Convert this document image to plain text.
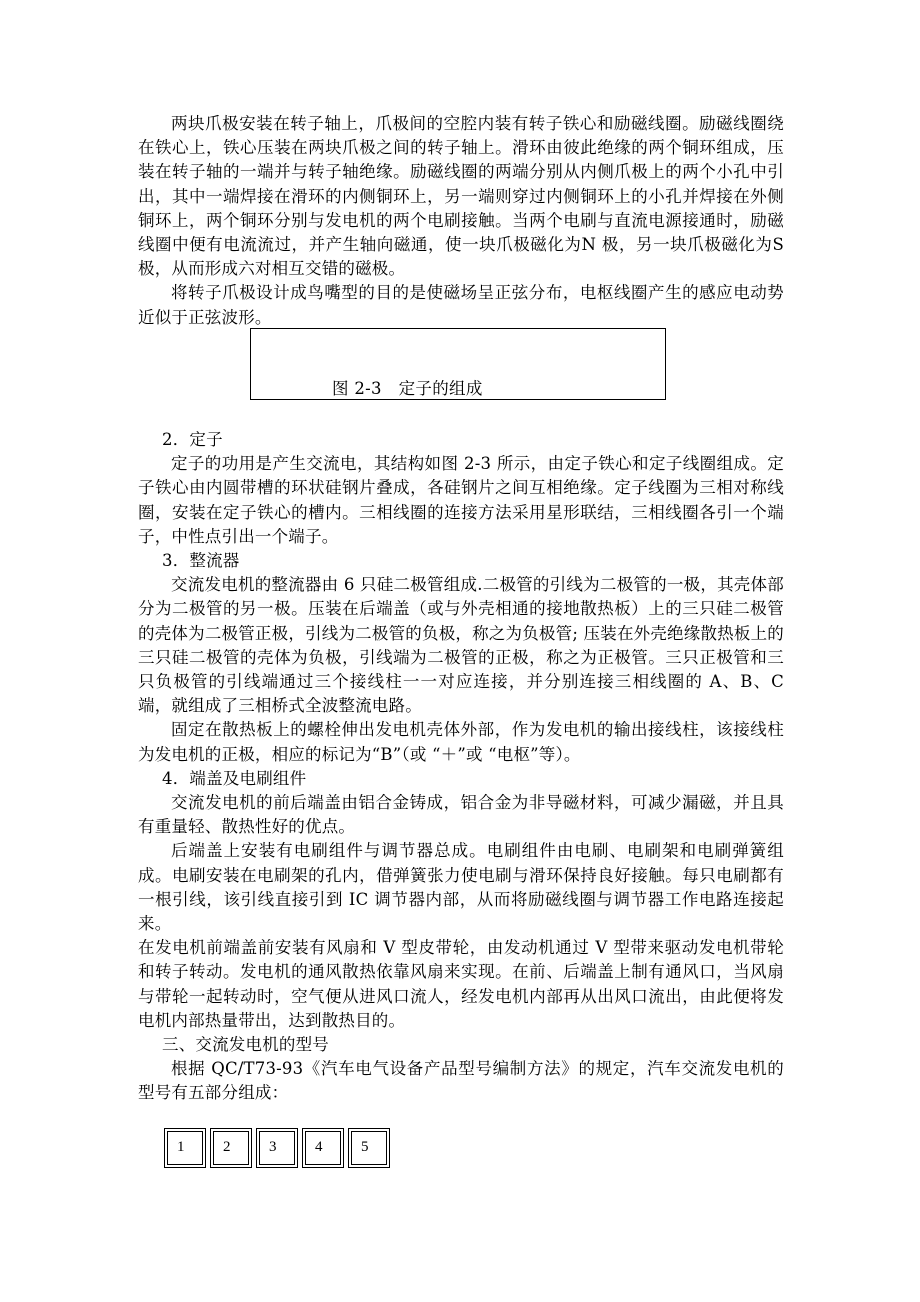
两块爪极安装在转子轴上，爪极间的空腔内装有转子铁心和励磁线圈。励磁线圈绕在铁心上，铁心压装在两块爪极之间的转子轴上。滑环由彼此绝缘的两个铜环组成，压装在转子轴的一端并与转子轴绝缘。励磁线圈的两端分别从内侧爪极上的两个小孔中引出，其中一端焊接在滑环的内侧铜环上，另一端则穿过内侧铜环上的小孔并焊接在外侧铜环上，两个铜环分别与发电机的两个电刷接触。当两个电刷与直流电源接通时，励磁线圈中便有电流流过，并产生轴向磁通，使一块爪极磁化为N 极，另一块爪极磁化为S 极，从而形成六对相互交错的磁极。

将转子爪极设计成鸟嘴型的目的是使磁场呈正弦分布，电枢线圈产生的感应电动势近似于正弦波形。

图 2-3　定子的组成

2．定子

定子的功用是产生交流电，其结构如图 2-3 所示，由定子铁心和定子线圈组成。定子铁心由内圆带槽的环状硅钢片叠成，各硅钢片之间互相绝缘。定子线圈为三相对称线圈，安装在定子铁心的槽内。三相线圈的连接方法采用星形联结，三相线圈各引一个端子，中性点引出一个端子。

3．整流器

交流发电机的整流器由 6 只硅二极管组成.二极管的引线为二极管的一极，其壳体部分为二极管的另一极。压装在后端盖（或与外壳相通的接地散热板）上的三只硅二极管的壳体为二极管正极，引线为二极管的负极，称之为负极管; 压装在外壳绝缘散热板上的三只硅二极管的壳体为负极，引线端为二极管的正极，称之为正极管。三只正极管和三只负极管的引线端通过三个接线柱一一对应连接，并分别连接三相线圈的 A、B、C 端，就组成了三相桥式全波整流电路。

固定在散热板上的螺栓伸出发电机壳体外部，作为发电机的输出接线柱，该接线柱为发电机的正极，相应的标记为“B”（或 “＋”或 “电枢”等）。

4．端盖及电刷组件

交流发电机的前后端盖由铝合金铸成，铝合金为非导磁材料，可减少漏磁，并且具有重量轻、散热性好的优点。

后端盖上安装有电刷组件与调节器总成。电刷组件由电刷、电刷架和电刷弹簧组成。电刷安装在电刷架的孔内，借弹簧张力使电刷与滑环保持良好接触。每只电刷都有一根引线，该引线直接引到 IC 调节器内部，从而将励磁线圈与调节器工作电路连接起来。

在发电机前端盖前安装有风扇和 V 型皮带轮，由发动机通过 V 型带来驱动发电机带轮和转子转动。发电机的通风散热依靠风扇来实现。在前、后端盖上制有通风口，当风扇与带轮一起转动时，空气便从进风口流人，经发电机内部再从出风口流出，由此便将发电机内部热量带出，达到散热目的。

三、交流发电机的型号

根据 QC/T73-93《汽车电气设备产品型号编制方法》的规定，汽车交流发电机的型号有五部分组成：

1	2	3	4	5
